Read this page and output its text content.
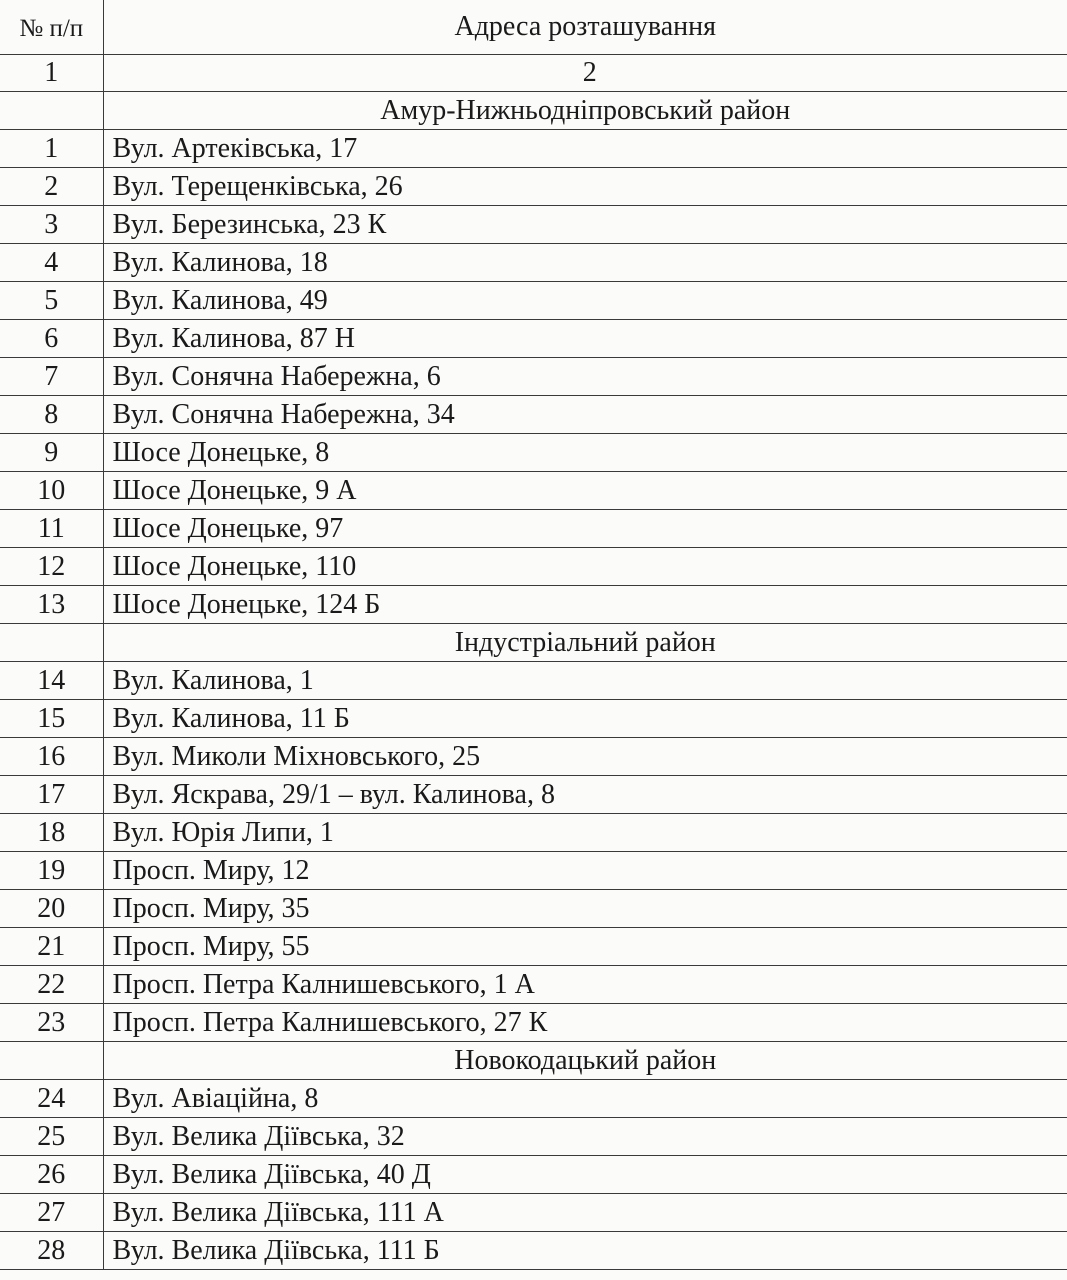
№ п/п	Адреса розташування
1	2
	Амур-Нижньодніпровський район
1	Вул. Артеківська, 17
2	Вул. Терещенківська, 26
3	Вул. Березинська, 23 К
4	Вул. Калинова, 18
5	Вул. Калинова, 49
6	Вул. Калинова, 87 Н
7	Вул. Сонячна Набережна, 6
8	Вул. Сонячна Набережна, 34
9	Шосе Донецьке, 8
10	Шосе Донецьке, 9 А
11	Шосе Донецьке, 97
12	Шосе Донецьке, 110
13	Шосе Донецьке, 124 Б
	Індустріальний район
14	Вул. Калинова, 1
15	Вул. Калинова, 11 Б
16	Вул. Миколи Міхновського, 25
17	Вул. Яскрава, 29/1 – вул. Калинова, 8
18	Вул. Юрія Липи, 1
19	Просп. Миру, 12
20	Просп. Миру, 35
21	Просп. Миру, 55
22	Просп. Петра Калнишевського, 1 А
23	Просп. Петра Калнишевського, 27 К
	Новокодацький район
24	Вул. Авіаційна, 8
25	Вул. Велика Діївська, 32
26	Вул. Велика Діївська, 40 Д
27	Вул. Велика Діївська, 111 А
28	Вул. Велика Діївська, 111 Б
